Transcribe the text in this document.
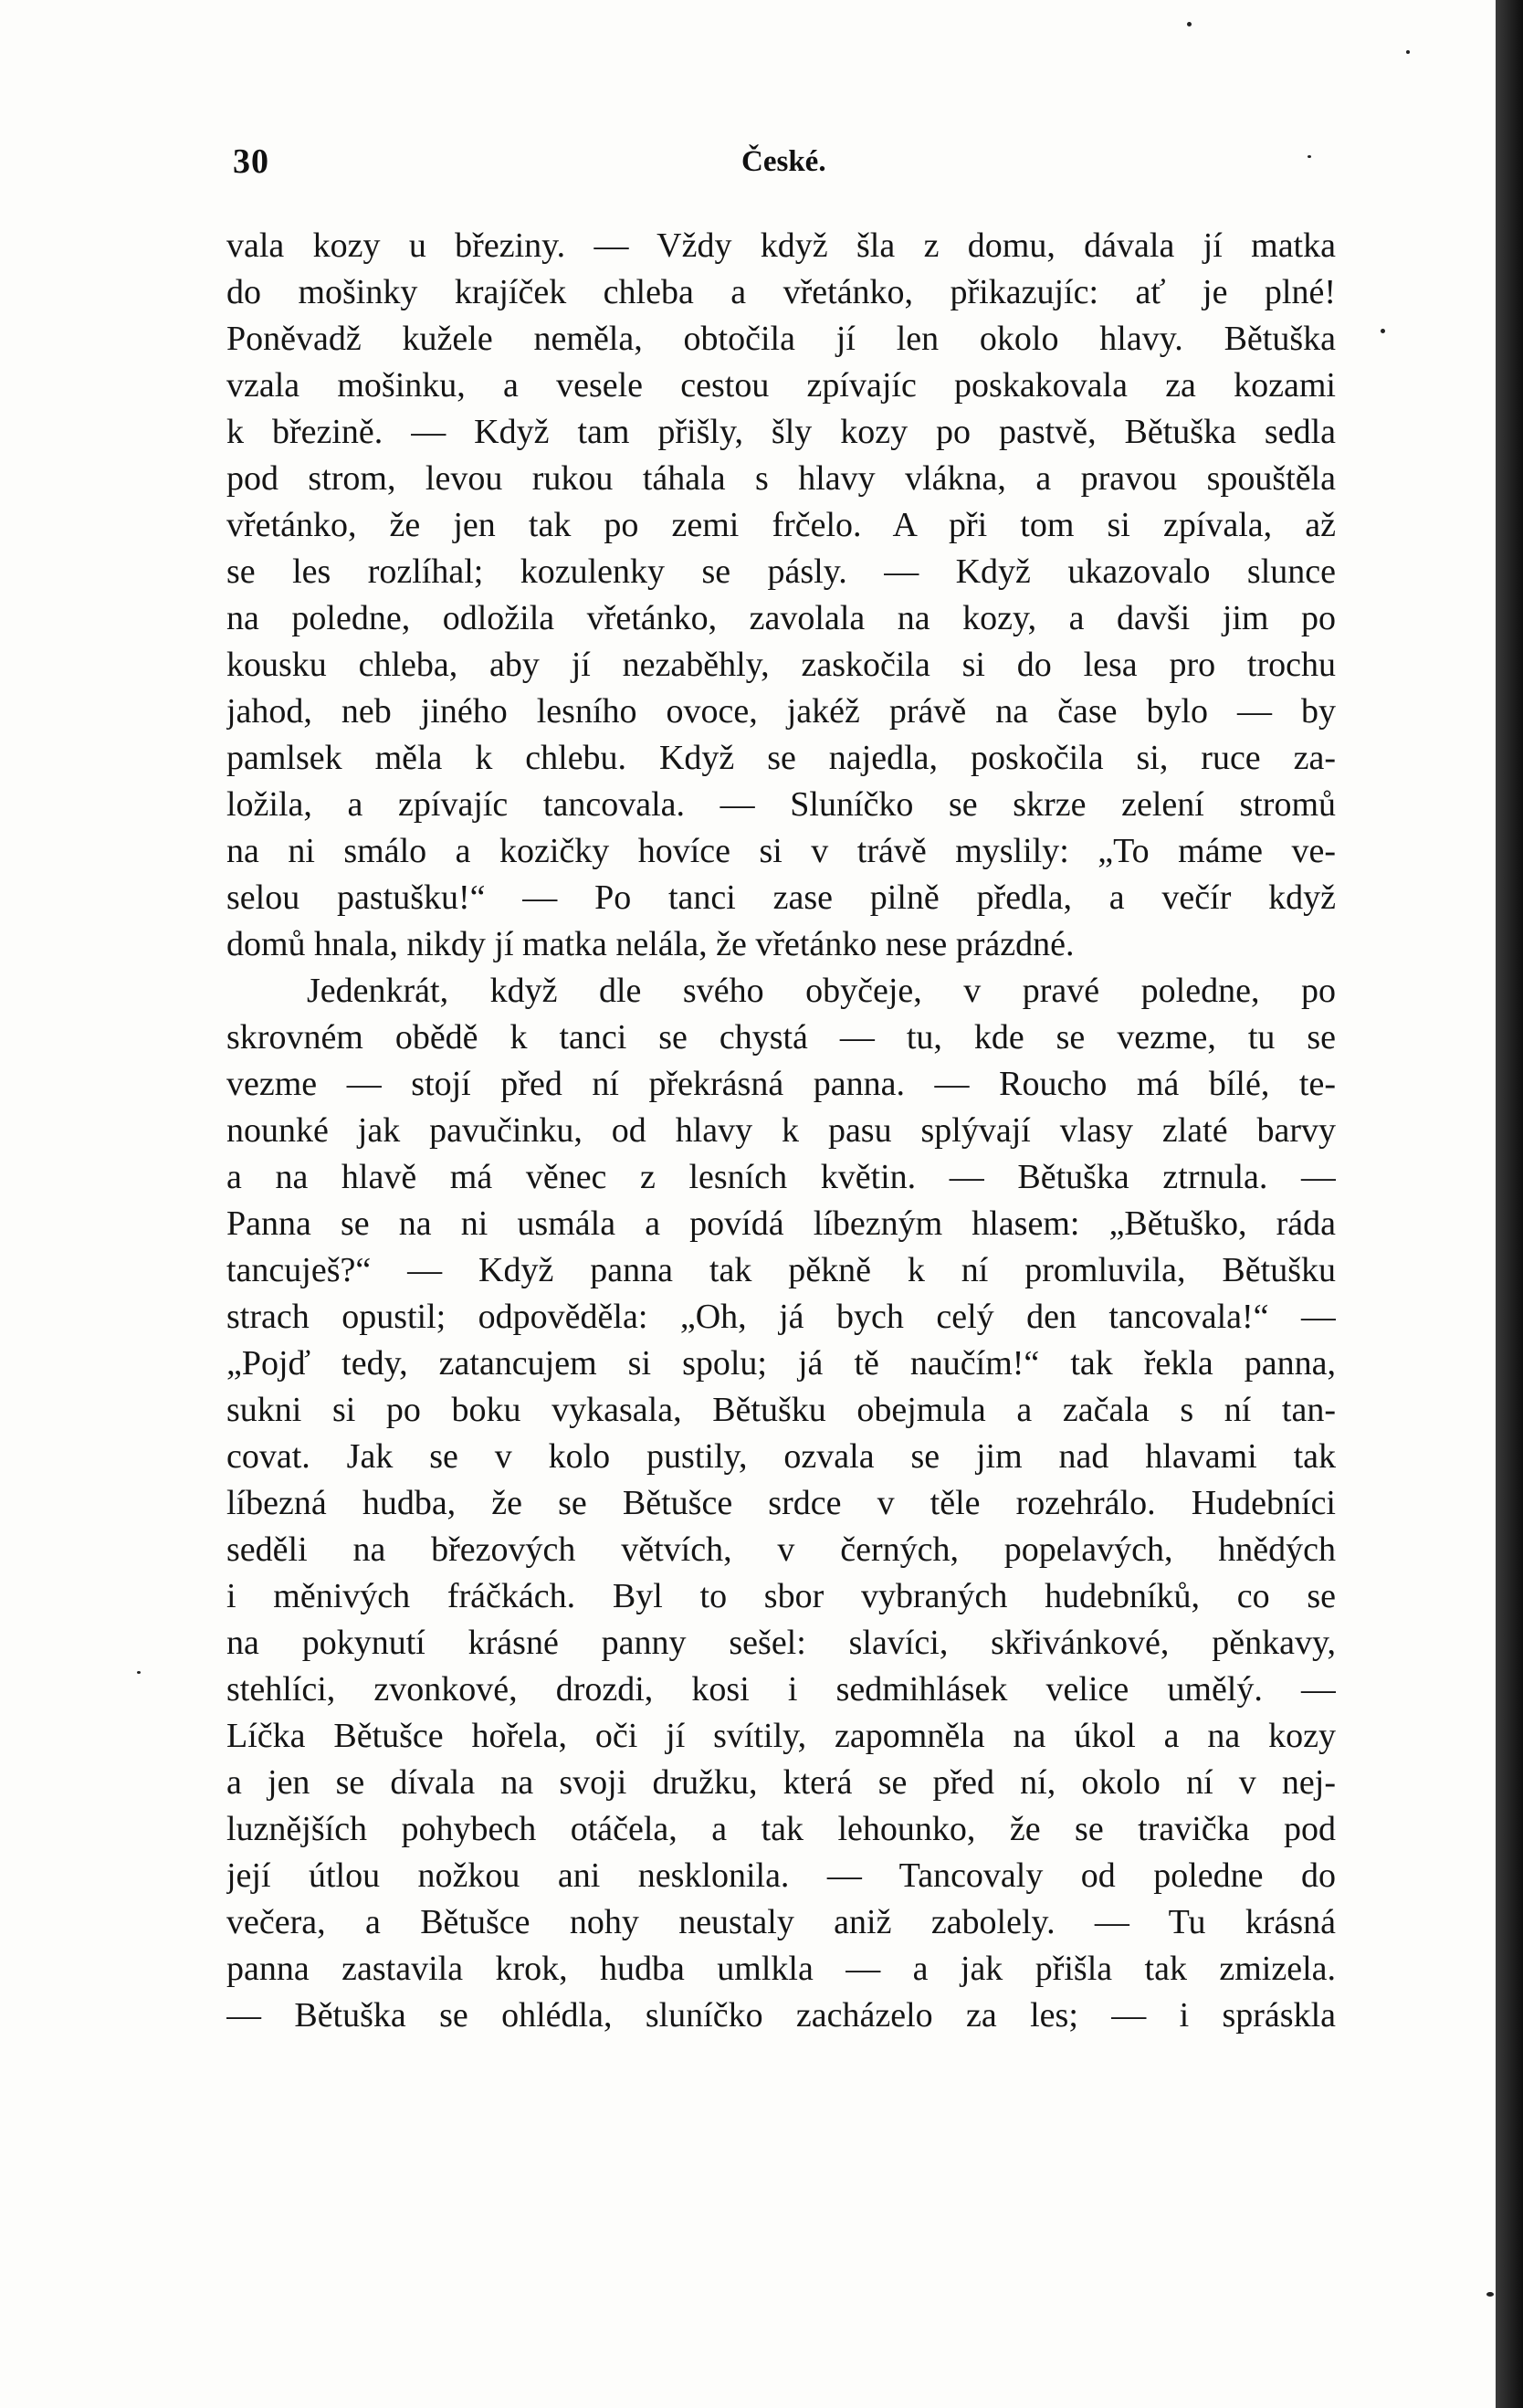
30	České.
vala kozy u březiny. — Vždy když šla z domu, dávala jí matka
do mošinky krajíček chleba a vřetánko, přikazujíc: ať je plné!
Poněvadž kužele neměla, obtočila jí len okolo hlavy. Bětuška
vzala mošinku, a vesele cestou zpívajíc poskakovala za kozami
k březině. — Když tam přišly, šly kozy po pastvě, Bětuška sedla
pod strom, levou rukou táhala s hlavy vlákna, a pravou spouštěla
vřetánko, že jen tak po zemi frčelo. A při tom si zpívala, až
se les rozlíhal; kozulenky se pásly. — Když ukazovalo slunce
na poledne, odložila vřetánko, zavolala na kozy, a davši jim po
kousku chleba, aby jí nezaběhly, zaskočila si do lesa pro trochu
jahod, neb jiného lesního ovoce, jakéž právě na čase bylo — by
pamlsek měla k chlebu. Když se najedla, poskočila si, ruce za-
ložila, a zpívajíc tancovala. — Sluníčko se skrze zelení stromů
na ni smálo a kozičky hovíce si v trávě myslily: „To máme ve-
selou pastušku!“ — Po tanci zase pilně předla, a večír když
domů hnala, nikdy jí matka nelála, že vřetánko nese prázdné.
Jedenkrát, když dle svého obyčeje, v pravé poledne, po
skrovném obědě k tanci se chystá — tu, kde se vezme, tu se
vezme — stojí před ní překrásná panna. — Roucho má bílé, te-
nounké jak pavučinku, od hlavy k pasu splývají vlasy zlaté barvy
a na hlavě má věnec z lesních květin. — Bětuška ztrnula. —
Panna se na ni usmála a povídá líbezným hlasem: „Bětuško, ráda
tancuješ?“ — Když panna tak pěkně k ní promluvila, Bětušku
strach opustil; odpověděla: „Oh, já bych celý den tancovala!“ —
„Pojď tedy, zatancujem si spolu; já tě naučím!“ tak řekla panna,
sukni si po boku vykasala, Bětušku obejmula a začala s ní tan-
covat. Jak se v kolo pustily, ozvala se jim nad hlavami tak
líbezná hudba, že se Bětušce srdce v těle rozehrálo. Hudebníci
seděli na březových větvích, v černých, popelavých, hnědých
i měnivých fráčkách. Byl to sbor vybraných hudebníků, co se
na pokynutí krásné panny sešel: slavíci, skřivánkové, pěnkavy,
stehlíci, zvonkové, drozdi, kosi i sedmihlásek velice umělý. —
Líčka Bětušce hořela, oči jí svítily, zapomněla na úkol a na kozy
a jen se dívala na svoji družku, která se před ní, okolo ní v nej-
luznějších pohybech otáčela, a tak lehounko, že se travička pod
její útlou nožkou ani nesklonila. — Tancovaly od poledne do
večera, a Bětušce nohy neustaly aniž zabolely. — Tu krásná
panna zastavila krok, hudba umlkla — a jak přišla tak zmizela.
— Bětuška se ohlédla, sluníčko zacházelo za les; — i spráskla
